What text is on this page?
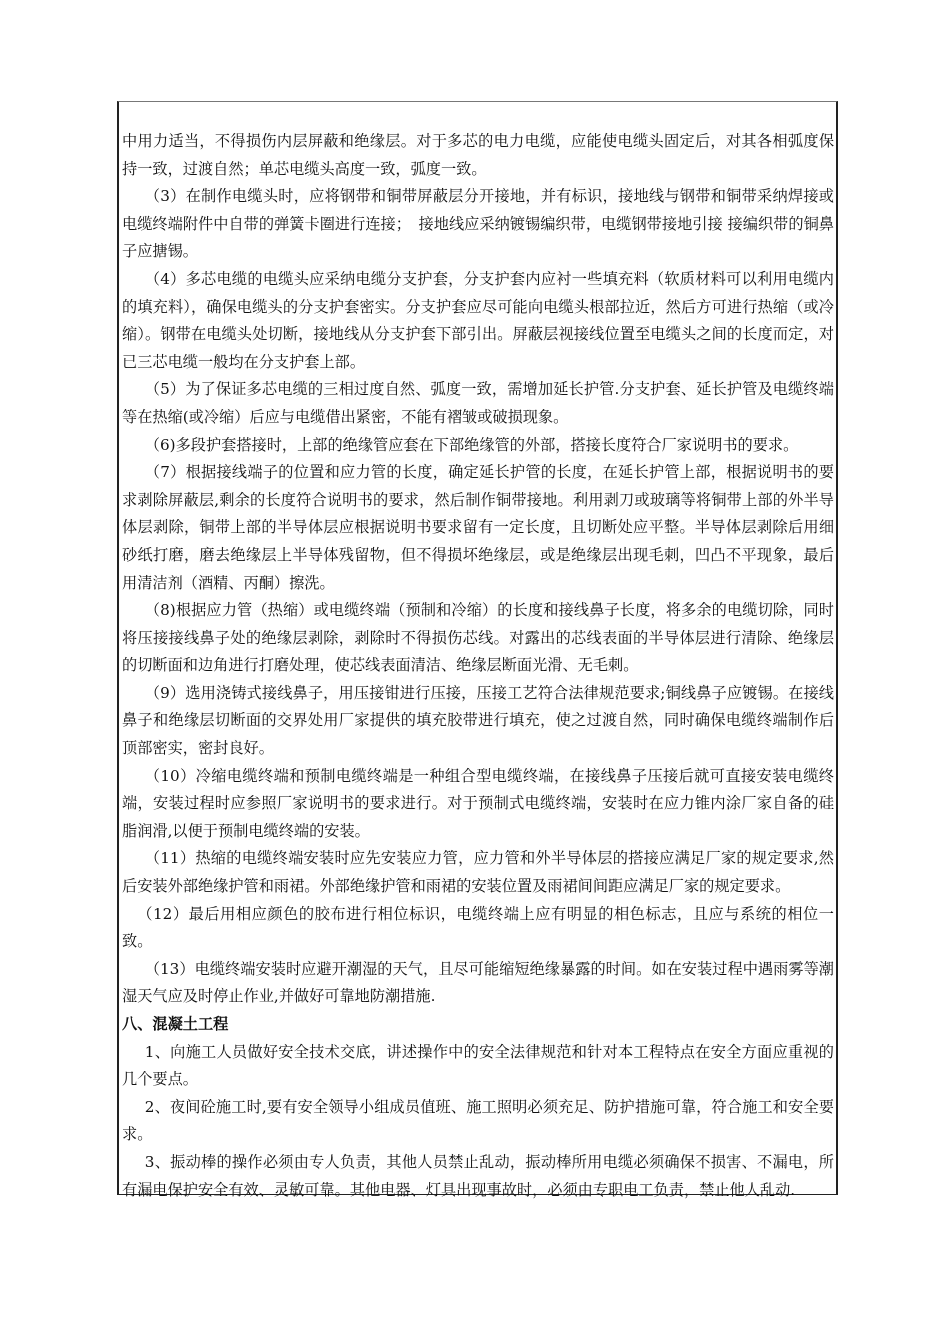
中用力适当，不得损伤内层屏蔽和绝缘层。对于多芯的电力电缆，应能使电缆头固定后，对其各相弧度保持一致，过渡自然；单芯电缆头高度一致，弧度一致。

（3）在制作电缆头时，应将钢带和铜带屏蔽层分开接地，并有标识，接地线与钢带和铜带采纳焊接或电缆终端附件中自带的弹簧卡圈进行连接；　接地线应采纳镀锡编织带，电缆钢带接地引接 接编织带的铜鼻子应搪锡。

（4）多芯电缆的电缆头应采纳电缆分支护套，分支护套内应衬一些填充料（软质材料可以利用电缆内的填充料），确保电缆头的分支护套密实。分支护套应尽可能向电缆头根部拉近，然后方可进行热缩（或冷缩）。钢带在电缆头处切断，接地线从分支护套下部引出。屏蔽层视接线位置至电缆头之间的长度而定，对已三芯电缆一般均在分支护套上部。

（5）为了保证多芯电缆的三相过度自然、弧度一致，需增加延长护管.分支护套、延长护管及电缆终端等在热缩(或冷缩）后应与电缆借出紧密，不能有褶皱或破损现象。

（6)多段护套搭接时，上部的绝缘管应套在下部绝缘管的外部，搭接长度符合厂家说明书的要求。

（7）根据接线端子的位置和应力管的长度，确定延长护管的长度，在延长护管上部，根据说明书的要求剥除屏蔽层,剩余的长度符合说明书的要求，然后制作铜带接地。利用剥刀或玻璃等将铜带上部的外半导体层剥除，铜带上部的半导体层应根据说明书要求留有一定长度，且切断处应平整。半导体层剥除后用细砂纸打磨，磨去绝缘层上半导体残留物，但不得损坏绝缘层，或是绝缘层出现毛刺，凹凸不平现象，最后用清洁剂（酒精、丙酮）擦洗。

（8)根据应力管（热缩）或电缆终端（预制和冷缩）的长度和接线鼻子长度，将多余的电缆切除，同时将压接接线鼻子处的绝缘层剥除，剥除时不得损伤芯线。对露出的芯线表面的半导体层进行清除、绝缘层的切断面和边角进行打磨处理，使芯线表面清洁、绝缘层断面光滑、无毛刺。

（9）选用浇铸式接线鼻子，用压接钳进行压接，压接工艺符合法律规范要求;铜线鼻子应镀锡。在接线鼻子和绝缘层切断面的交界处用厂家提供的填充胶带进行填充，使之过渡自然，同时确保电缆终端制作后顶部密实，密封良好。

（10）冷缩电缆终端和预制电缆终端是一种组合型电缆终端，在接线鼻子压接后就可直接安装电缆终端，安装过程时应参照厂家说明书的要求进行。对于预制式电缆终端，安装时在应力锥内涂厂家自备的硅脂润滑,以便于预制电缆终端的安装。

（11）热缩的电缆终端安装时应先安装应力管，应力管和外半导体层的搭接应满足厂家的规定要求,然后安装外部绝缘护管和雨裙。外部绝缘护管和雨裙的安装位置及雨裙间间距应满足厂家的规定要求。

（12）最后用相应颜色的胶布进行相位标识，电缆终端上应有明显的相色标志，且应与系统的相位一致。

（13）电缆终端安装时应避开潮湿的天气，且尽可能缩短绝缘暴露的时间。如在安装过程中遇雨雾等潮湿天气应及时停止作业,并做好可靠地防潮措施.

八、混凝土工程

1、向施工人员做好安全技术交底，讲述操作中的安全法律规范和针对本工程特点在安全方面应重视的几个要点。

2、夜间砼施工时,要有安全领导小组成员值班、施工照明必须充足、防护措施可靠，符合施工和安全要求。

3、振动棒的操作必须由专人负责，其他人员禁止乱动，振动棒所用电缆必须确保不损害、不漏电，所有漏电保护安全有效、灵敏可靠。其他电器、灯具出现事故时，必须由专职电工负责，禁止他人乱动.
